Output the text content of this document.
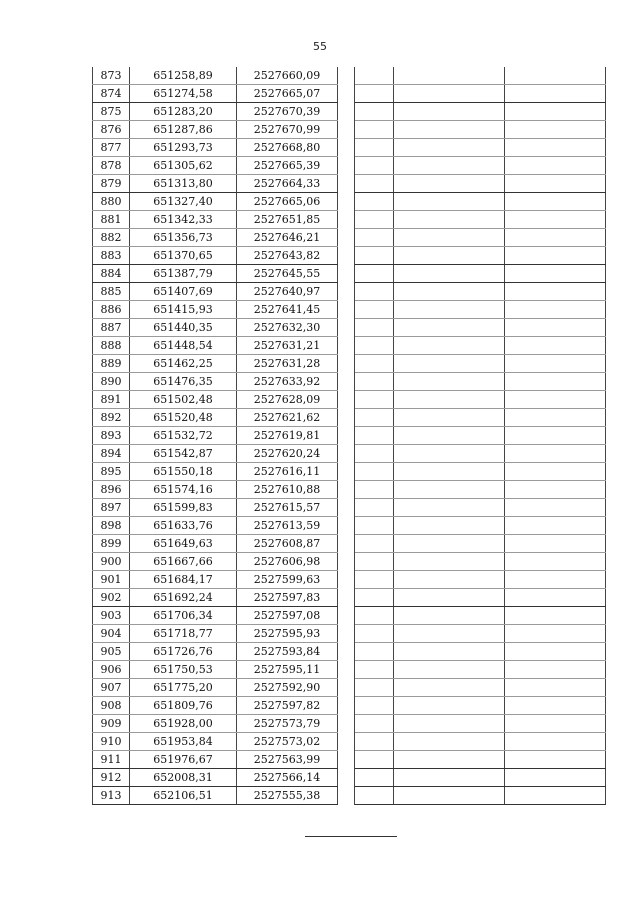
55
873	651258,89	2527660,09				
874	651274,58	2527665,07				
875	651283,20	2527670,39				
876	651287,86	2527670,99				
877	651293,73	2527668,80				
878	651305,62	2527665,39				
879	651313,80	2527664,33				
880	651327,40	2527665,06				
881	651342,33	2527651,85				
882	651356,73	2527646,21				
883	651370,65	2527643,82				
884	651387,79	2527645,55				
885	651407,69	2527640,97				
886	651415,93	2527641,45				
887	651440,35	2527632,30				
888	651448,54	2527631,21				
889	651462,25	2527631,28				
890	651476,35	2527633,92				
891	651502,48	2527628,09				
892	651520,48	2527621,62				
893	651532,72	2527619,81				
894	651542,87	2527620,24				
895	651550,18	2527616,11				
896	651574,16	2527610,88				
897	651599,83	2527615,57				
898	651633,76	2527613,59				
899	651649,63	2527608,87				
900	651667,66	2527606,98				
901	651684,17	2527599,63				
902	651692,24	2527597,83				
903	651706,34	2527597,08				
904	651718,77	2527595,93				
905	651726,76	2527593,84				
906	651750,53	2527595,11				
907	651775,20	2527592,90				
908	651809,76	2527597,82				
909	651928,00	2527573,79				
910	651953,84	2527573,02				
911	651976,67	2527563,99				
912	652008,31	2527566,14				
913	652106,51	2527555,38				
